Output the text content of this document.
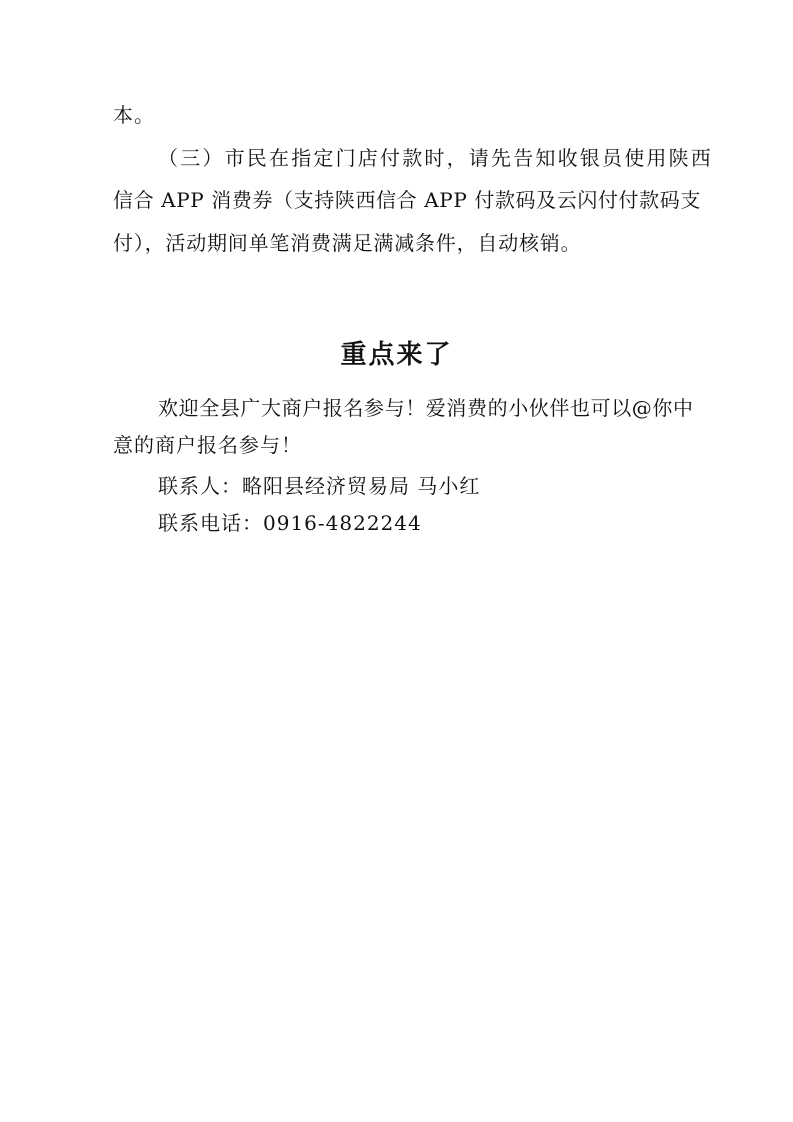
本。
（三）市民在指定门店付款时，请先告知收银员使用陕西
信合 APP 消费券（支持陕西信合 APP 付款码及云闪付付款码支
付），活动期间单笔消费满足满减条件，自动核销。
重点来了
欢迎全县广大商户报名参与！爱消费的小伙伴也可以@你中
意的商户报名参与！
联系人：略阳县经济贸易局 马小红
联系电话：0916-4822244
